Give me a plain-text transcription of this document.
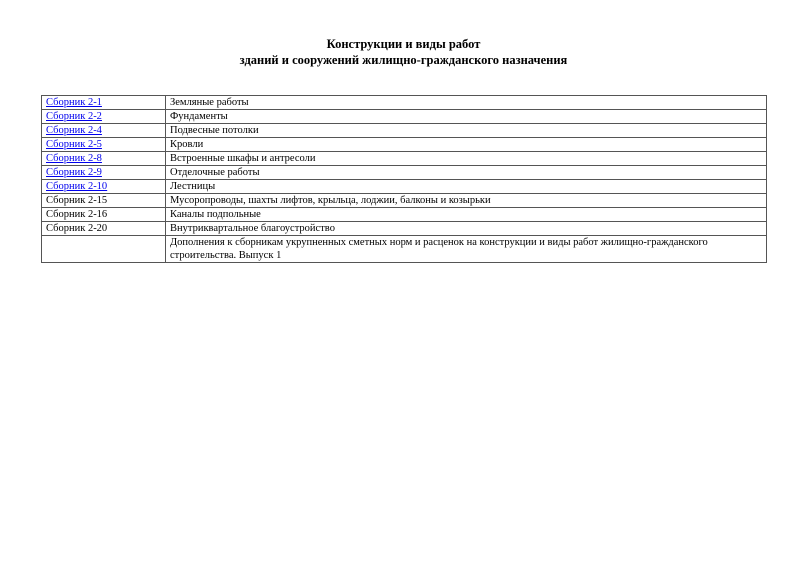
Конструкции и виды работ
зданий и сооружений жилищно-гражданского назначения
Сборник 2-1	Земляные работы
Сборник 2-2	Фундаменты
Сборник 2-4	Подвесные потолки
Сборник 2-5	Кровли
Сборник 2-8	Встроенные шкафы и антресоли
Сборник 2-9	Отделочные работы
Сборник 2-10	Лестницы
Сборник 2-15	Мусоропроводы, шахты лифтов, крыльца, лоджии, балконы и козырьки
Сборник 2-16	Каналы подпольные
Сборник 2-20	Внутриквартальное благоустройство
	Дополнения к сборникам укрупненных сметных норм и расценок на конструкции и виды работ жилищно-гражданского строительства. Выпуск 1
